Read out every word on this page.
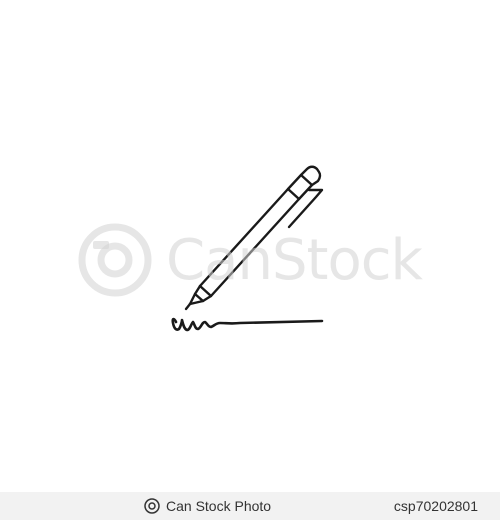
CanStock
Can Stock Photo	csp70202801
